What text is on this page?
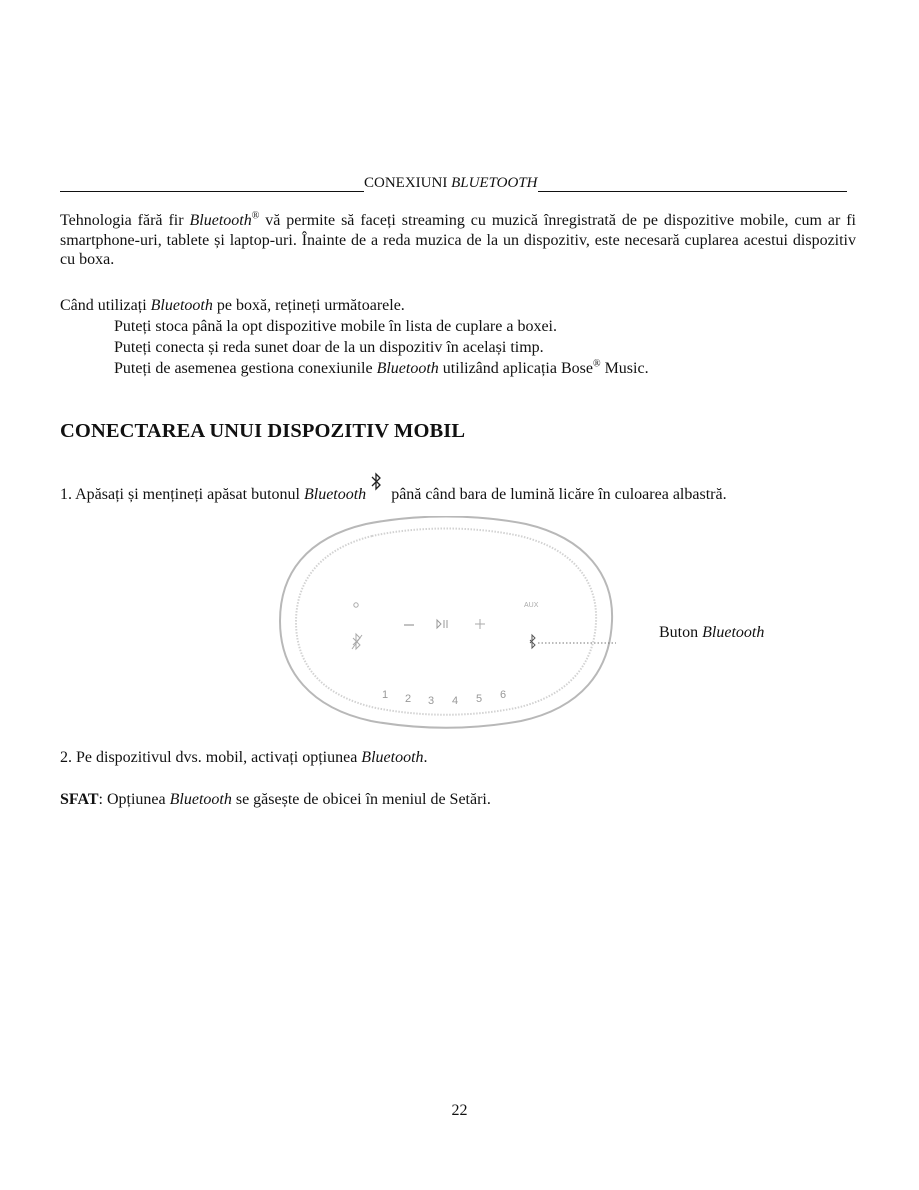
CONEXIUNI BLUETOOTH
Tehnologia fără fir Bluetooth® vă permite să faceți streaming cu muzică înregistrată de pe dispozitive mobile, cum ar fi smartphone-uri, tablete și laptop-uri. Înainte de a reda muzica de la un dispozitiv, este necesară cuplarea acestui dispozitiv cu boxa.
Când utilizați Bluetooth pe boxă, rețineți următoarele.
Puteți stoca până la opt dispozitive mobile în lista de cuplare a boxei.
Puteți conecta și reda sunet doar de la un dispozitiv în același timp.
Puteți de asemenea gestiona conexiunile Bluetooth utilizând aplicația Bose® Music.
CONECTAREA UNUI DISPOZITIV MOBIL
1. Apăsați și mențineți apăsat butonul Bluetooth până când bara de lumină licăre în culoarea albastră.
AUX
1 2 3 4 5 6
Buton Bluetooth
2. Pe dispozitivul dvs. mobil, activați opțiunea Bluetooth.
SFAT: Opțiunea Bluetooth se găsește de obicei în meniul de Setări.
22
